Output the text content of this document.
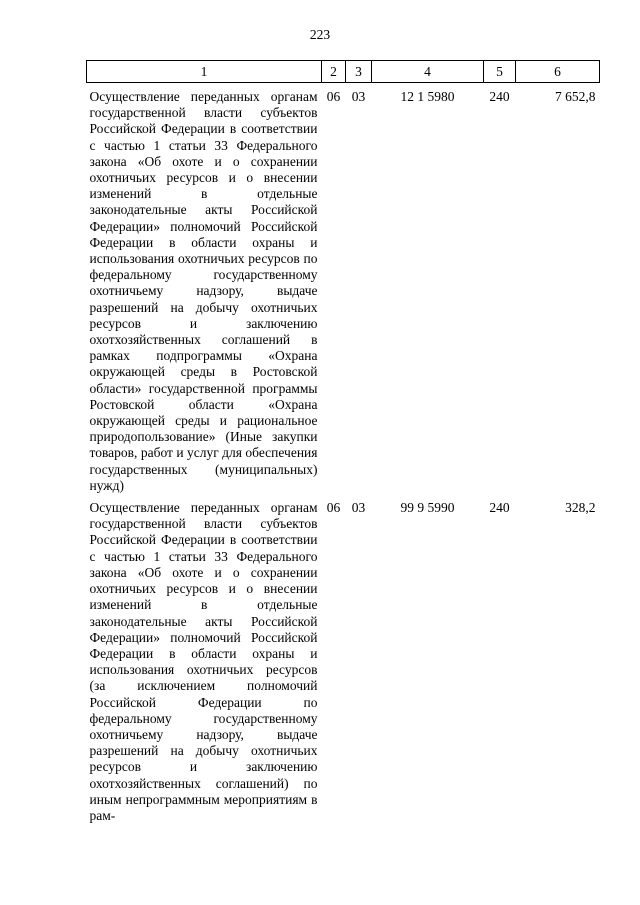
223
1	2	3	4	5	6
Осуществление переданных органам государственной власти субъектов Российской Федерации в соответствии с частью 1 статьи 33 Федерального закона «Об охоте и о сохранении охотничьих ресурсов и о внесении изменений в отдельные законодательные акты Российской Федерации» полномочий Российской Федерации в области охраны и использования охотничьих ресурсов по федеральному государственному охотничьему надзору, выдаче разрешений на добычу охотничьих ресурсов и заключению охотхозяйственных соглашений в рамках подпрограммы «Охрана окружающей среды в Ростовской области» государственной программы Ростовской области «Охрана окружающей среды и рациональное природопользование» (Иные закупки товаров, работ и услуг для обеспечения государственных (муниципальных) нужд)	06	03	12 1 5980	240	7 652,8
Осуществление переданных органам государственной власти субъектов Российской Федерации в соответствии с частью 1 статьи 33 Федерального закона «Об охоте и о сохранении охотничьих ресурсов и о внесении изменений в отдельные законодательные акты Российской Федерации» полномочий Российской Федерации в области охраны и использования охотничьих ресурсов (за исключением полномочий Российской Федерации по федеральному государственному охотничьему надзору, выдаче разрешений на добычу охотничьих ресурсов и заключению охотхозяйственных соглашений) по иным непрограммным мероприятиям в рам-	06	03	99 9 5990	240	328,2
